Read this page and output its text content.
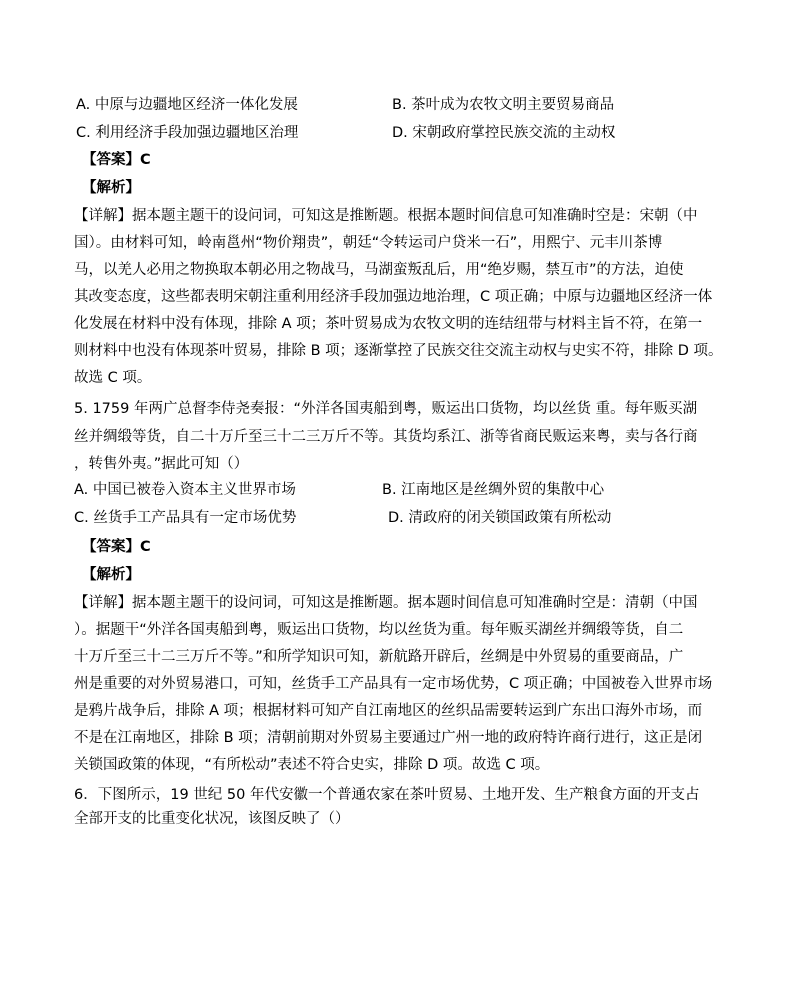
A. 中原与边疆地区经济一体化发展	B. 茶叶成为农牧文明主要贸易商品
C. 利用经济手段加强边疆地区治理	D. 宋朝政府掌控民族交流的主动权
【答案】C
【解析】
【详解】据本题主题干的设问词，可知这是推断题。根据本题时间信息可知准确时空是：宋朝（中
国）。由材料可知，岭南邕州“物价翔贵”，朝廷“令转运司户贷米一石”，用熙宁、元丰川茶博
马，以羌人必用之物换取本朝必用之物战马，马湖蛮叛乱后，用“绝岁赐，禁互市”的方法，迫使
其改变态度，这些都表明宋朝注重利用经济手段加强边地治理，C 项正确；中原与边疆地区经济一体
化发展在材料中没有体现，排除 A 项；茶叶贸易成为农牧文明的连结纽带与材料主旨不符，在第一
则材料中也没有体现茶叶贸易，排除 B 项；逐渐掌控了民族交往交流主动权与史实不符，排除 D 项。
故选 C 项。
5. 1759 年两广总督李侍尧奏报：“外洋各国夷船到粤，贩运出口货物，均以丝货 重。每年贩买湖
丝并绸缎等货，自二十万斤至三十二三万斤不等。其货均系江、浙等省商民贩运来粤，卖与各行商
，转售外夷。”据此可知（）
A. 中国已被卷入资本主义世界市场	B. 江南地区是丝绸外贸的集散中心
C. 丝货手工产品具有一定市场优势	D. 清政府的闭关锁国政策有所松动
【答案】C
【解析】
【详解】据本题主题干的设问词，可知这是推断题。据本题时间信息可知准确时空是：清朝（中国
）。据题干“外洋各国夷船到粤，贩运出口货物，均以丝货为重。每年贩买湖丝并绸缎等货，自二
十万斤至三十二三万斤不等。”和所学知识可知，新航路开辟后，丝绸是中外贸易的重要商品，广
州是重要的对外贸易港口，可知，丝货手工产品具有一定市场优势，C 项正确；中国被卷入世界市场
是鸦片战争后，排除 A 项；根据材料可知产自江南地区的丝织品需要转运到广东出口海外市场，而
不是在江南地区，排除 B 项；清朝前期对外贸易主要通过广州一地的政府特许商行进行，这正是闭
关锁国政策的体现，“有所松动”表述不符合史实，排除 D 项。故选 C 项。
6．下图所示，19 世纪 50 年代安徽一个普通农家在茶叶贸易、土地开发、生产粮食方面的开支占
全部开支的比重变化状况，该图反映了（）
